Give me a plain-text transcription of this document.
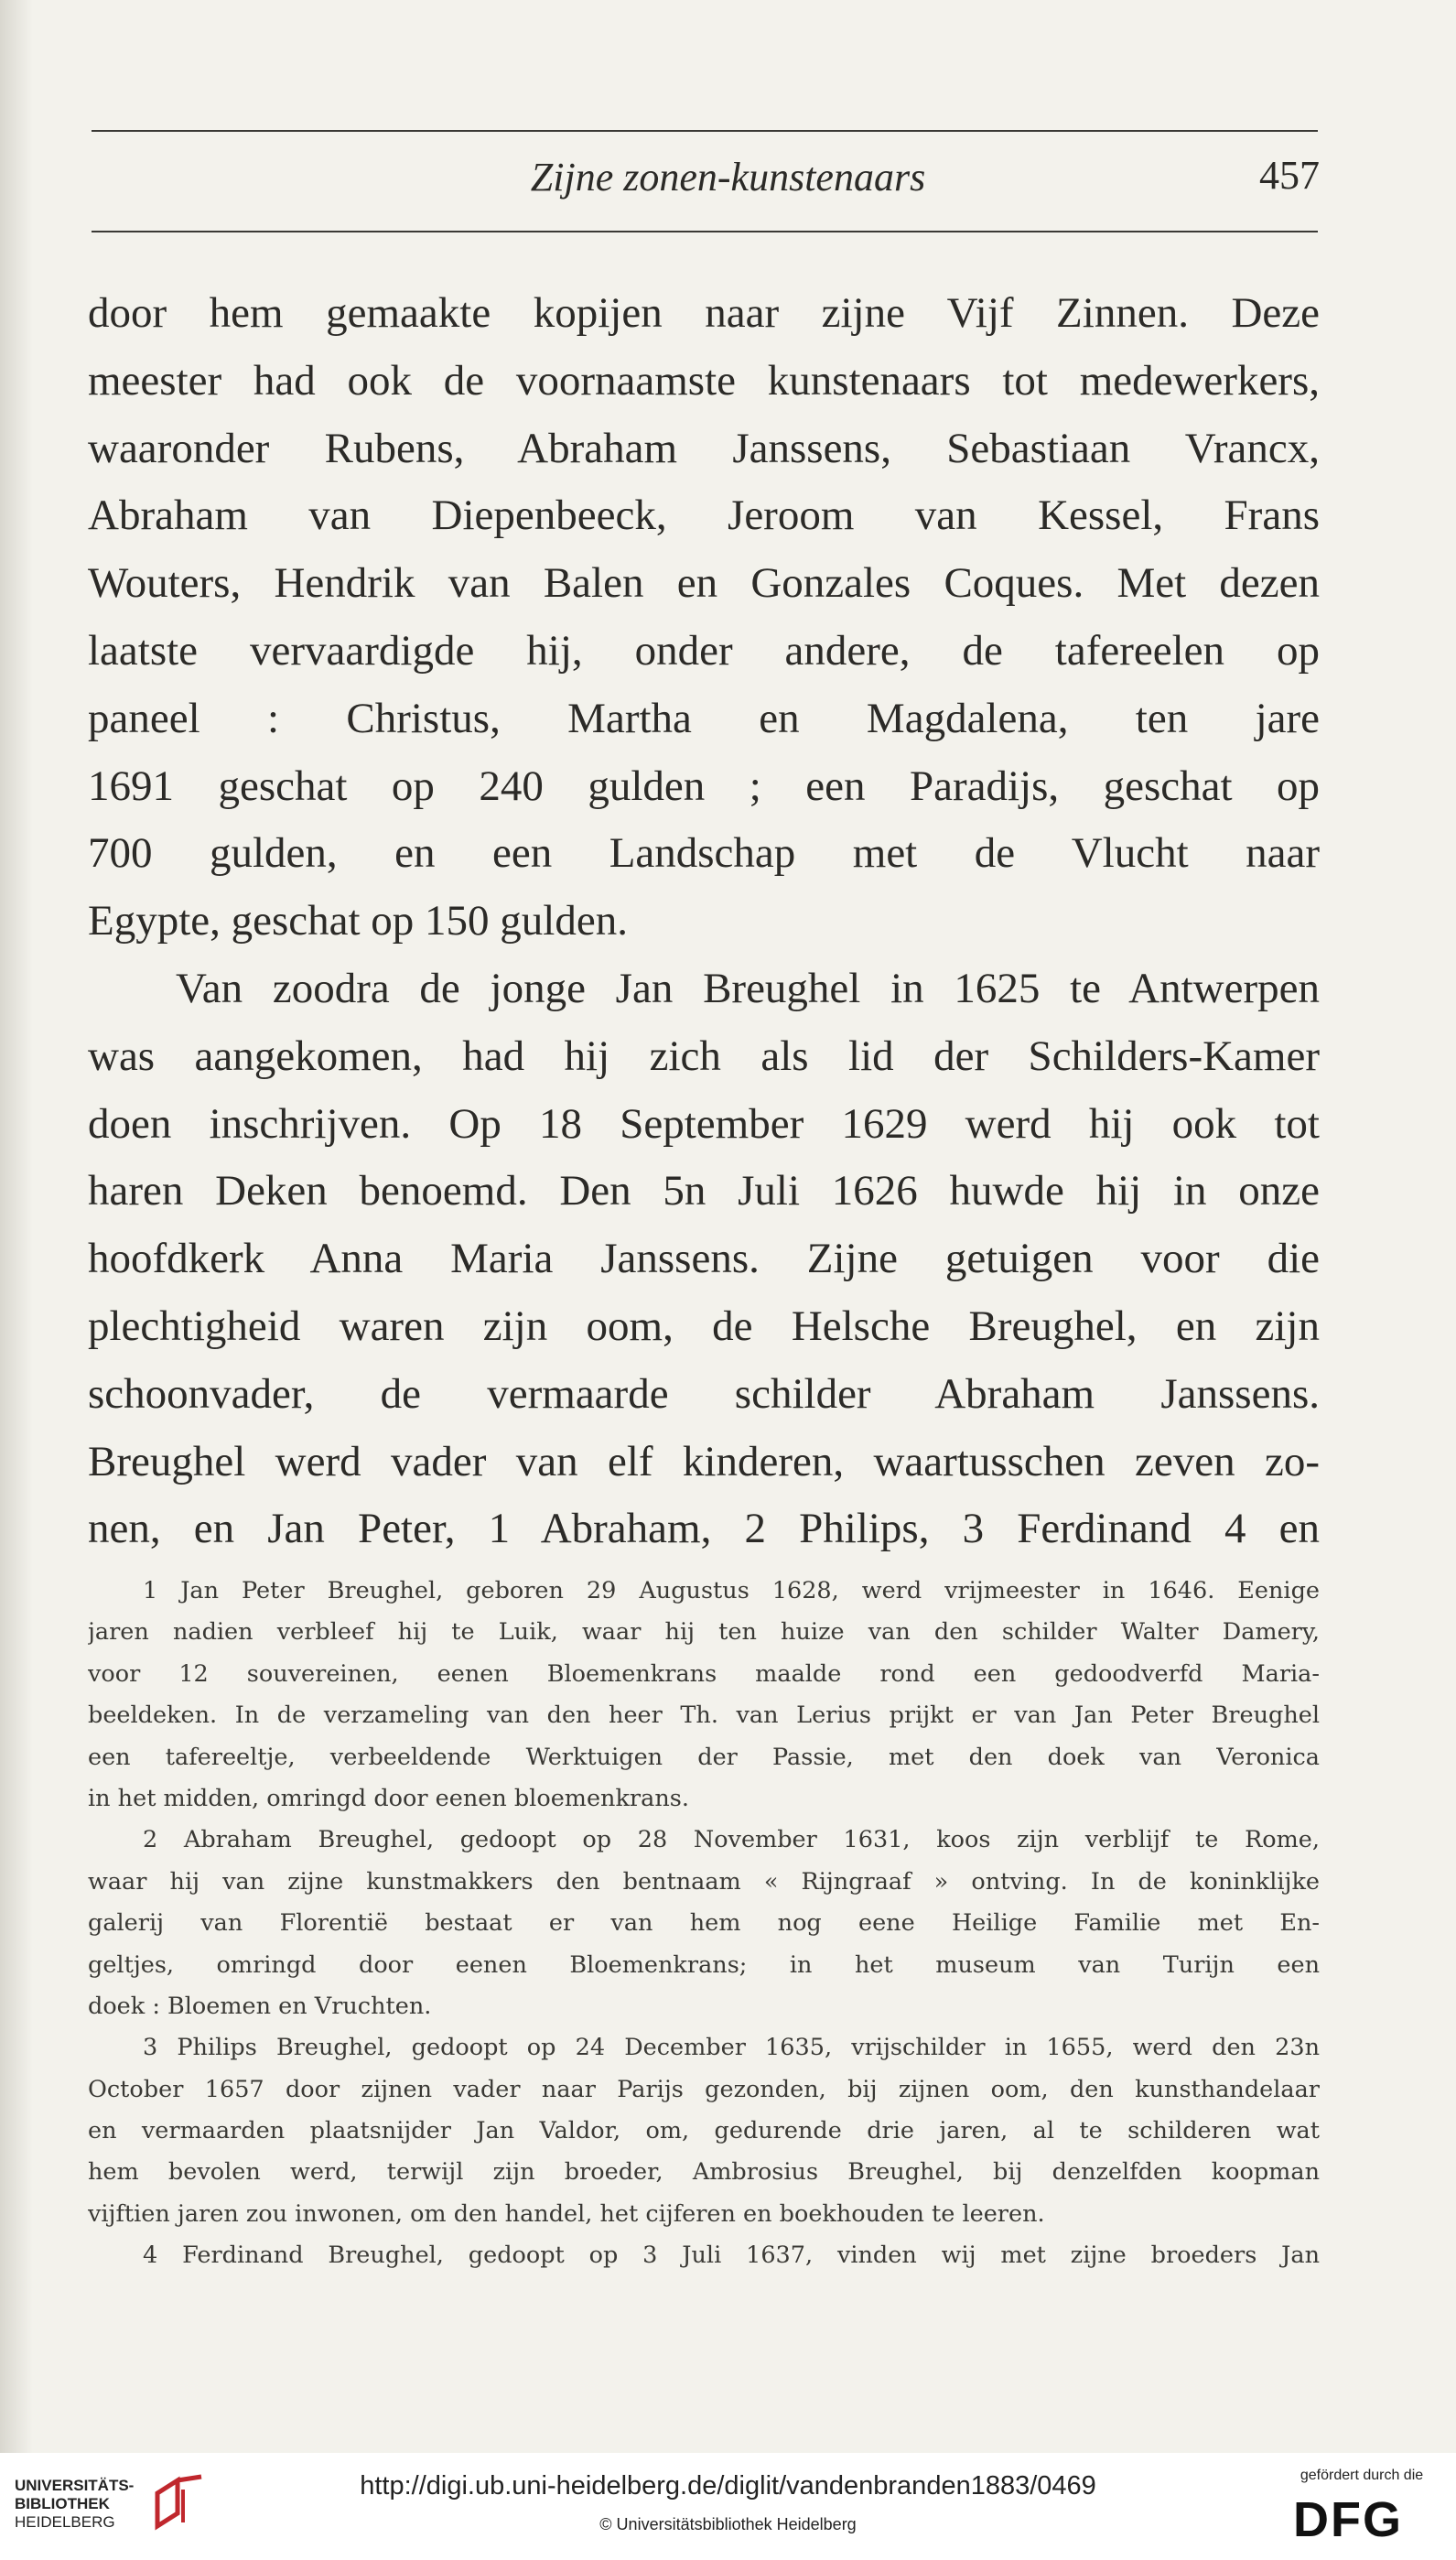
Zijne zonen-kunstenaars	457
door hem gemaakte kopijen naar zijne Vijf Zinnen. Deze
meester had ook de voornaamste kunstenaars tot medewerkers,
waaronder Rubens, Abraham Janssens, Sebastiaan Vrancx,
Abraham van Diepenbeeck, Jeroom van Kessel, Frans
Wouters, Hendrik van Balen en Gonzales Coques. Met dezen
laatste vervaardigde hij, onder andere, de tafereelen op
paneel : Christus, Martha en Magdalena, ten jare
1691 geschat op 240 gulden ; een Paradijs, geschat op
700 gulden, en een Landschap met de Vlucht naar
Egypte, geschat op 150 gulden.
Van zoodra de jonge Jan Breughel in 1625 te Antwerpen
was aangekomen, had hij zich als lid der Schilders-Kamer
doen inschrijven. Op 18 September 1629 werd hij ook tot
haren Deken benoemd. Den 5n Juli 1626 huwde hij in onze
hoofdkerk Anna Maria Janssens. Zijne getuigen voor die
plechtigheid waren zijn oom, de Helsche Breughel, en zijn
schoonvader, de vermaarde schilder Abraham Janssens.
Breughel werd vader van elf kinderen, waartusschen zeven zo-
nen, en Jan Peter, 1 Abraham, 2 Philips, 3 Ferdinand 4 en
1 Jan Peter Breughel, geboren 29 Augustus 1628, werd vrijmeester in 1646. Eenige
jaren nadien verbleef hij te Luik, waar hij ten huize van den schilder Walter Damery,
voor 12 souvereinen, eenen Bloemenkrans maalde rond een gedoodverfd Maria-
beeldeken. In de verzameling van den heer Th. van Lerius prijkt er van Jan Peter Breughel
een tafereeltje, verbeeldende Werktuigen der Passie, met den doek van Veronica
in het midden, omringd door eenen bloemenkrans.
2 Abraham Breughel, gedoopt op 28 November 1631, koos zijn verblijf te Rome,
waar hij van zijne kunstmakkers den bentnaam « Rijngraaf » ontving. In de koninklijke
galerij van Florentië bestaat er van hem nog eene Heilige Familie met En-
geltjes, omringd door eenen Bloemenkrans; in het museum van Turijn een
doek : Bloemen en Vruchten.
3 Philips Breughel, gedoopt op 24 December 1635, vrijschilder in 1655, werd den 23n
October 1657 door zijnen vader naar Parijs gezonden, bij zijnen oom, den kunsthandelaar
en vermaarden plaatsnijder Jan Valdor, om, gedurende drie jaren, al te schilderen wat
hem bevolen werd, terwijl zijn broeder, Ambrosius Breughel, bij denzelfden koopman
vijftien jaren zou inwonen, om den handel, het cijferen en boekhouden te leeren.
4 Ferdinand Breughel, gedoopt op 3 Juli 1637, vinden wij met zijne broeders Jan
UNIVERSITÄTS-
BIBLIOTHEK
HEIDELBERG
http://digi.ub.uni-heidelberg.de/diglit/vandenbranden1883/0469
© Universitätsbibliothek Heidelberg
gefördert durch die
DFG
